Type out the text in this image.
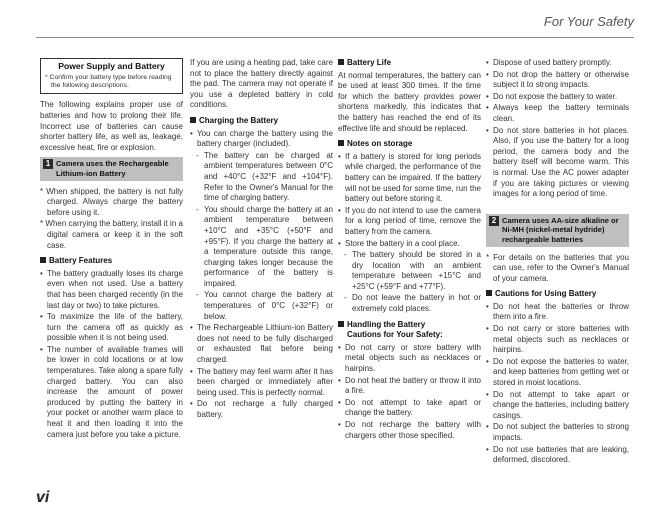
For Your Safety
Power Supply and Battery
* Confirm your battery type before reading the following descriptions.

The following explains proper use of batteries and how to prolong their life. Incorrect use of batteries can cause shorter battery life, as well as, leakage, excessive heat, fire or explosion.

1 Camera uses the Rechargeable Lithium-ion Battery

* When shipped, the battery is not fully charged. Always charge the battery before using it.

* When carrying the battery, install it in a digital camera or keep it in the soft case.

Battery Features
• The battery gradually loses its charge even when not used. Use a battery that has been charged recently (in the last day or two) to take pictures.
• To maximize the life of the battery, turn the camera off as quickly as possible when it is not being used.
• The number of available frames will be lower in cold locations or at low temperatures. Take along a spare fully charged battery. You can also increase the amount of power produced by putting the battery in your pocket or another warm place to heat it and then loading it into the camera just before you take a picture.

If you are using a heating pad, take care not to place the battery directly against the pad. The camera may not operate if you use a depleted battery in cold conditions.

Charging the Battery
• You can charge the battery using the battery charger (included).
- The battery can be charged at ambient temperatures between 0°C and +40°C (+32°F and +104°F). Refer to the Owner's Manual for the time of charging battery.
- You should charge the battery at an ambient temperature between +10°C and +35°C (+50°F and +95°F). If you charge the battery at a temperature outside this range, charging takes longer because the performance of the battery is impaired.
- You cannot charge the battery at temperatures of 0°C (+32°F) or below.
• The Rechargeable Lithium-ion Battery does not need to be fully discharged or exhausted flat before being charged.
• The battery may feel warm after it has been charged or immediately after being used. This is perfectly normal.
• Do not recharge a fully charged battery.
Battery Life

At normal temperatures, the battery can be used at least 300 times. If the time for which the battery provides power shortens markedly, this indicates that the battery has reached the end of its effective life and should be replaced.

Notes on storage
• If a battery is stored for long periods while charged, the performance of the battery can be impaired. If the battery will not be used for some time, run the battery out before storing it.
• If you do not intend to use the camera for a long period of time, remove the battery from the camera.
• Store the battery in a cool place.
- The battery should be stored in a dry location with an ambient temperature between +15°C and +25°C (+59°F and +77°F).
- Do not leave the battery in hot or extremely cold places.
Handling the Battery
Cautions for Your Safety:
• Do not carry or store battery with metal objects such as necklaces or hairpins.
• Do not heat the battery or throw it into a fire.
• Do not attempt to take apart or change the battery.
• Do not recharge the battery with chargers other those specified.
• Dispose of used battery promptly.
• Do not drop the battery or otherwise subject it to strong impacts.
• Do not expose the battery to water.
• Always keep the battery terminals clean.
• Do not store batteries in hot places. Also, if you use the battery for a long period, the camera body and the battery itself will become warm. This is normal. Use the AC power adapter if you are taking pictures or viewing images for a long period of time.
2 Camera uses AA-size alkaline or Ni-MH (nickel-metal hydride) rechargeable batteries

* For details on the batteries that you can use, refer to the Owner's Manual of your camera.

Cautions for Using Battery
• Do not heat the batteries or throw them into a fire.
• Do not carry or store batteries with metal objects such as necklaces or hairpins.
• Do not expose the batteries to water, and keep batteries from getting wet or stored in moist locations.
• Do not attempt to take apart or change the batteries, including battery casings.
• Do not subject the batteries to strong impacts.
• Do not use batteries that are leaking, deformed, discolored.
vi
